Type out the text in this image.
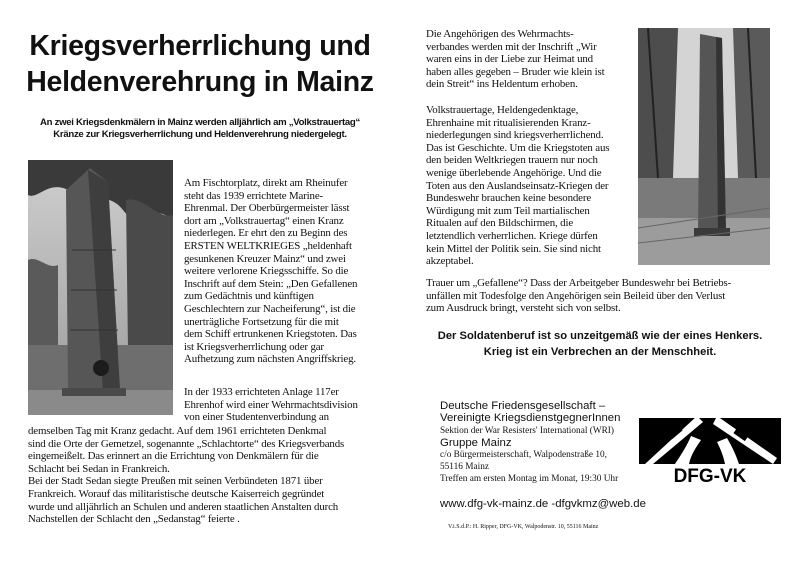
Kriegsverherrlichung und
Heldenverehrung in Mainz
An zwei Kriegsdenkmälern in Mainz werden alljährlich am „Volkstrauertag“
Kränze zur Kriegsverherrlichung und Heldenverehrung niedergelegt.

Am Fischtorplatz, direkt am Rheinufer

steht das 1939 errichtete Marine-

Ehrenmal. Der Oberbürgermeister lässt

dort am „Volkstrauertag“ einen Kranz

niederlegen. Er ehrt den zu Beginn des

ERSTEN WELTKRIEGES „heldenhaft

gesunkenen Kreuzer Mainz“ und zwei

weitere verlorene Kriegsschiffe. So die

Inschrift auf dem Stein: „Den Gefallenen

zum Gedächtnis und künftigen

Geschlechtern zur Nacheiferung“, ist die

unerträgliche Fortsetzung für die mit

dem Schiff ertrunkenen Kriegstoten. Das

ist Kriegsverherrlichung oder gar

Aufhetzung zum nächsten Angriffskrieg.

In der 1933 errichteten Anlage 117er

Ehrenhof wird einer Wehrmachtsdivision

von einer Studentenverbindung an

demselben Tag mit Kranz gedacht. Auf dem 1961 errichteten Denkmal

sind die Orte der Gemetzel, sogenannte „Schlachtorte“ des Kriegsverbands

eingemeißelt. Das erinnert an die Errichtung von Denkmälern für die

Schlacht bei Sedan in Frankreich.

Bei der Stadt Sedan siegte Preußen mit seinen Verbündeten 1871 über

Frankreich. Worauf das militaristische deutsche Kaiserreich gegründet

wurde und alljährlich an Schulen und anderen staatlichen Anstalten durch

Nachstellen der Schlacht den „Sedanstag“ feierte .

Die Angehörigen des Wehrmachts-

verbandes werden mit der Inschrift „Wir

waren eins in der Liebe zur Heimat und

haben alles gegeben – Bruder wie klein ist

dein Streit“ ins Heldentum erhoben.

Volkstrauertage, Heldengedenktage,

Ehrenhaine mit ritualisierenden Kranz-

niederlegungen sind kriegsverherrlichend.

Das ist Geschichte. Um die Kriegstoten aus

den beiden Weltkriegen trauern nur noch

wenige überlebende Angehörige. Und die

Toten aus den Auslandseinsatz-Kriegen der

Bundeswehr brauchen keine besondere

Würdigung mit zum Teil martialischen

Ritualen auf den Bildschirmen, die

letztendlich verherrlichen. Kriege dürfen

kein Mittel der Politik sein. Sie sind nicht

akzeptabel.

Trauer um „Gefallene“? Dass der Arbeitgeber Bundeswehr bei Betriebs-

unfällen mit Todesfolge den Angehörigen sein Beileid über den Verlust

zum Ausdruck bringt, versteht sich von selbst.

Der Soldatenberuf ist so unzeitgemäß wie der eines Henkers.
Krieg ist ein Verbrechen an der Menschheit.

Deutsche Friedensgesellschaft –

Vereinigte KriegsdienstgegnerInnen

Sektion der War Resisters' International (WRI)

Gruppe Mainz

c/o Bürgermeisterschaft, Walpodenstraße 10,

55116 Mainz

Treffen am ersten Montag im Monat, 19:30 Uhr

www.dfg-vk-mainz.de -dfgvkmz@web.de
V.i.S.d.P.: H. Ripper, DFG-VK, Walpodenstr. 10, 55116 Mainz
DFG-VK
